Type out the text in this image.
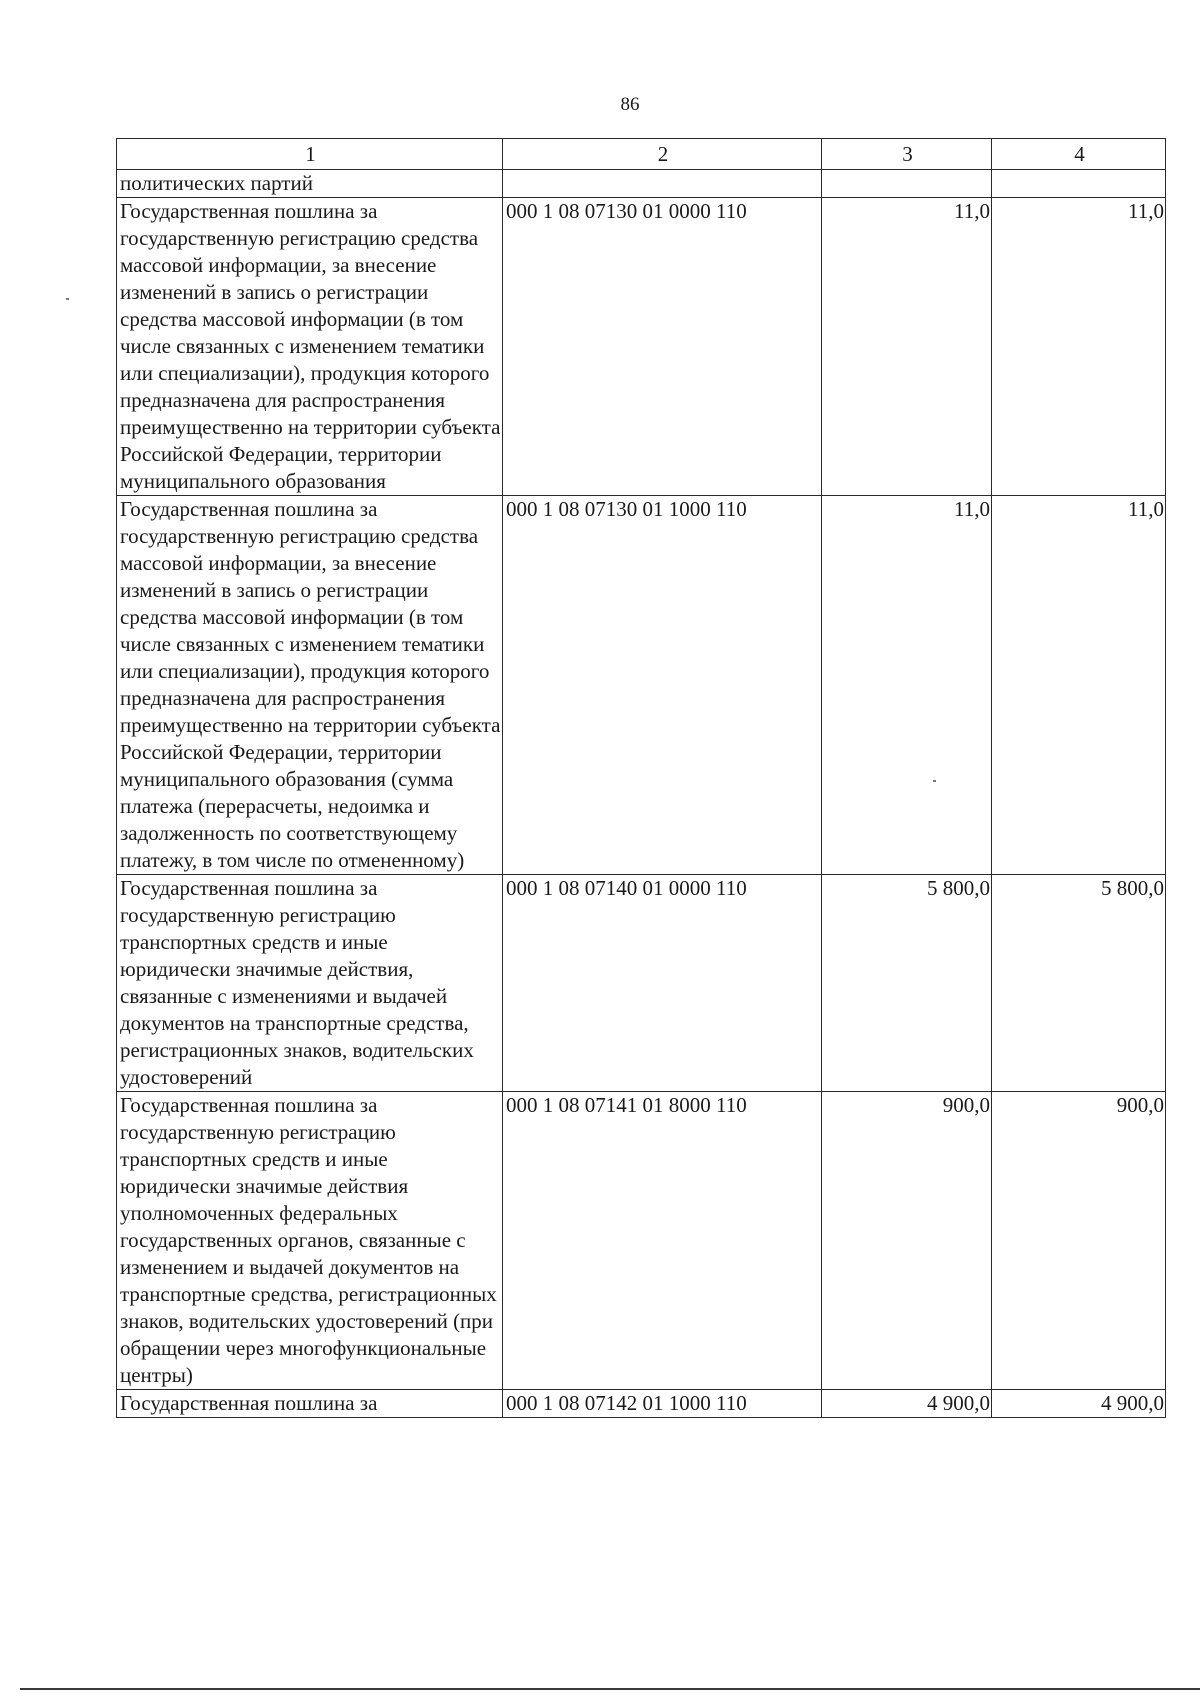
86
1	2	3	4
политических партий			
Государственная пошлина за государственную регистрацию средства массовой информации, за внесение изменений в запись о регистрации средства массовой информации (в том числе связанных с изменением тематики или специализации), продукция которого предназначена для распространения преимущественно на территории субъекта Российской Федерации, территории муниципального образования	000 1 08 07130 01 0000 110	11,0	11,0
Государственная пошлина за государственную регистрацию средства массовой информации, за внесение изменений в запись о регистрации средства массовой информации (в том числе связанных с изменением тематики или специализации), продукция которого предназначена для распространения преимущественно на территории субъекта Российской Федерации, территории муниципального образования (сумма платежа (перерасчеты, недоимка и задолженность по соответствующему платежу, в том числе по отмененному)	000 1 08 07130 01 1000 110	11,0	11,0
Государственная пошлина за государственную регистрацию транспортных средств и иные юридически значимые действия, связанные с изменениями и выдачей документов на транспортные средства, регистрационных знаков, водительских удостоверений	000 1 08 07140 01 0000 110	5 800,0	5 800,0
Государственная пошлина за государственную регистрацию транспортных средств и иные юридически значимые действия уполномоченных федеральных государственных органов, связанные с изменением и выдачей документов на транспортные средства, регистрационных знаков, водительских удостоверений (при обращении через многофункциональные центры)	000 1 08 07141 01 8000 110	900,0	900,0
Государственная пошлина за	000 1 08 07142 01 1000 110	4 900,0	4 900,0
